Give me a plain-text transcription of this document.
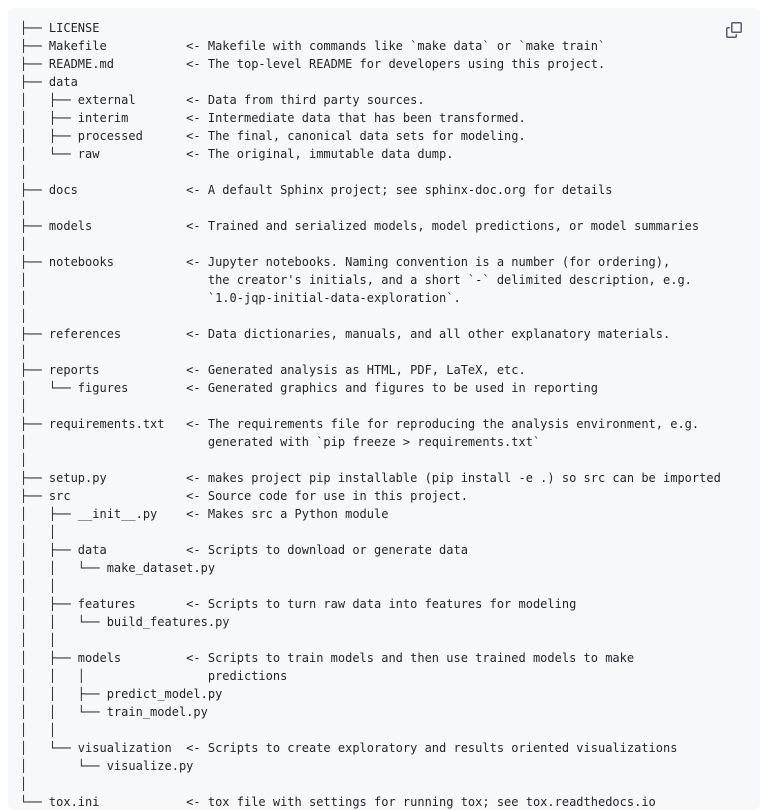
├── LICENSE
├── Makefile           <- Makefile with commands like `make data` or `make train`
├── README.md          <- The top-level README for developers using this project.
├── data
│   ├── external       <- Data from third party sources.
│   ├── interim        <- Intermediate data that has been transformed.
│   ├── processed      <- The final, canonical data sets for modeling.
│   └── raw            <- The original, immutable data dump.
│
├── docs               <- A default Sphinx project; see sphinx-doc.org for details
│
├── models             <- Trained and serialized models, model predictions, or model summaries
│
├── notebooks          <- Jupyter notebooks. Naming convention is a number (for ordering),
│                         the creator's initials, and a short `-` delimited description, e.g.
│                         `1.0-jqp-initial-data-exploration`.
│
├── references         <- Data dictionaries, manuals, and all other explanatory materials.
│
├── reports            <- Generated analysis as HTML, PDF, LaTeX, etc.
│   └── figures        <- Generated graphics and figures to be used in reporting
│
├── requirements.txt   <- The requirements file for reproducing the analysis environment, e.g.
│                         generated with `pip freeze > requirements.txt`
│
├── setup.py           <- makes project pip installable (pip install -e .) so src can be imported
├── src                <- Source code for use in this project.
│   ├── __init__.py    <- Makes src a Python module
│   │
│   ├── data           <- Scripts to download or generate data
│   │   └── make_dataset.py
│   │
│   ├── features       <- Scripts to turn raw data into features for modeling
│   │   └── build_features.py
│   │
│   ├── models         <- Scripts to train models and then use trained models to make
│   │   │                 predictions
│   │   ├── predict_model.py
│   │   └── train_model.py
│   │
│   └── visualization  <- Scripts to create exploratory and results oriented visualizations
│       └── visualize.py
│
└── tox.ini            <- tox file with settings for running tox; see tox.readthedocs.io
